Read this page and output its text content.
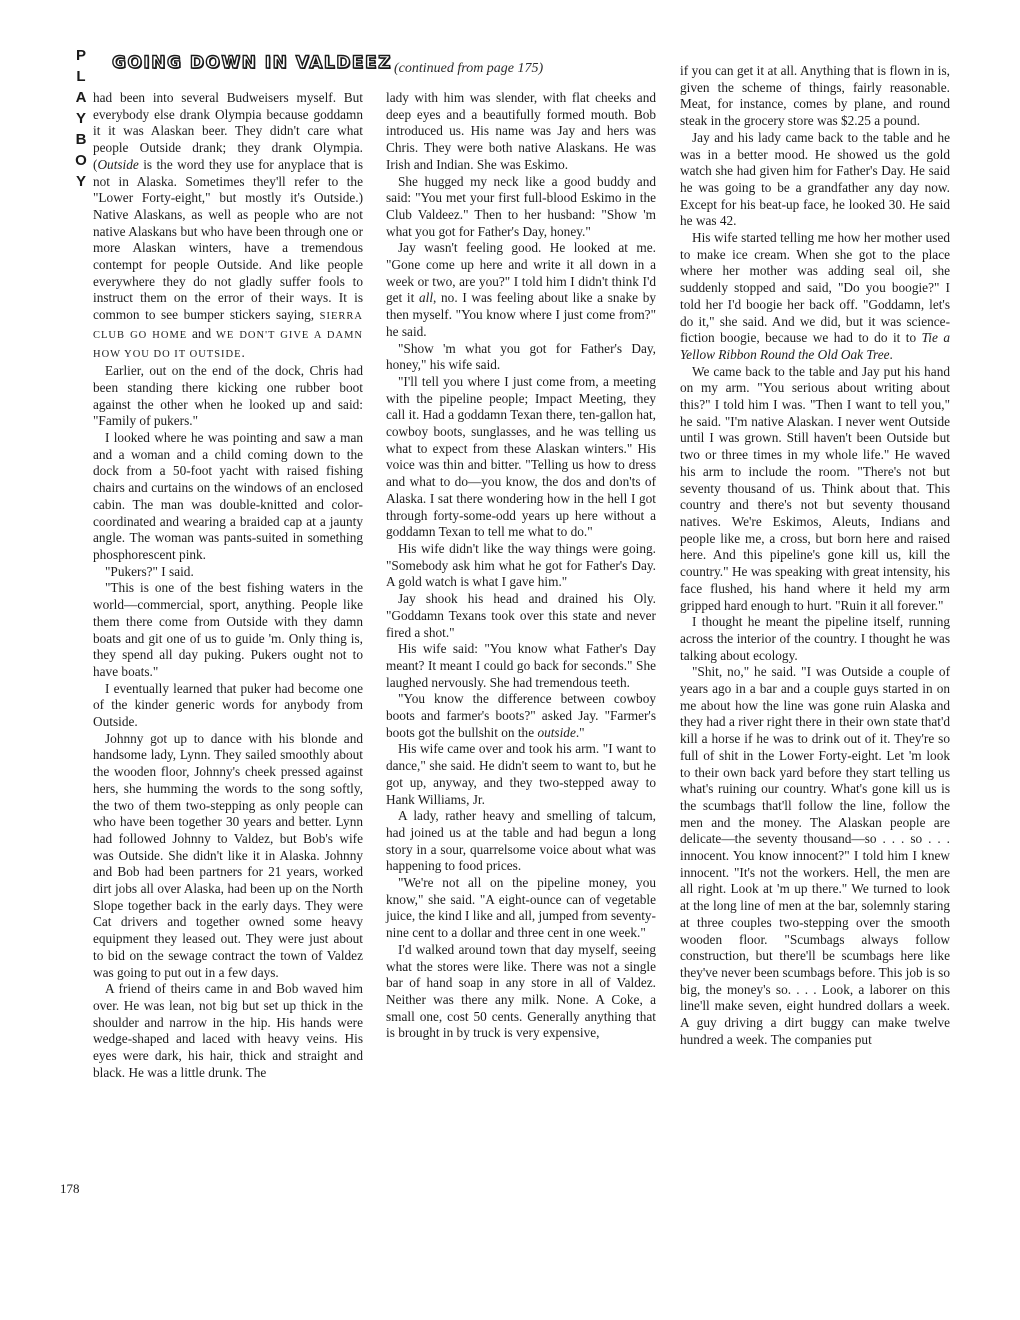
P
L
A
Y
B
O
Y
GOING DOWN IN VALDEEZ (continued from page 175)

had been into several Budweisers myself. But everybody else drank Olympia because goddamn it it was Alaskan beer. They didn't care what people Outside drank; they drank Olympia. (Outside is the word they use for anyplace that is not in Alaska. Sometimes they'll refer to the "Lower Forty-eight," but mostly it's Outside.) Native Alaskans, as well as people who are not native Alaskans but who have been through one or more Alaskan winters, have a tremendous contempt for people Outside. And like people everywhere they do not gladly suffer fools to instruct them on the error of their ways. It is common to see bumper stickers saying, SIERRA CLUB GO HOME and WE DON'T GIVE A DAMN HOW YOU DO IT OUTSIDE.

Earlier, out on the end of the dock, Chris had been standing there kicking one rubber boot against the other when he looked up and said: "Family of pukers."

I looked where he was pointing and saw a man and a woman and a child coming down to the dock from a 50-foot yacht with raised fishing chairs and curtains on the windows of an enclosed cabin. The man was double-knitted and color-coordinated and wearing a braided cap at a jaunty angle. The woman was pants-suited in something phosphorescent pink.

"Pukers?" I said.

"This is one of the best fishing waters in the world—commercial, sport, anything. People like them there come from Outside with they damn boats and git one of us to guide 'm. Only thing is, they spend all day puking. Pukers ought not to have boats."

I eventually learned that puker had become one of the kinder generic words for anybody from Outside.

Johnny got up to dance with his blonde and handsome lady, Lynn. They sailed smoothly about the wooden floor, Johnny's cheek pressed against hers, she humming the words to the song softly, the two of them two-stepping as only people can who have been together 30 years and better. Lynn had followed Johnny to Valdez, but Bob's wife was Outside. She didn't like it in Alaska. Johnny and Bob had been partners for 21 years, worked dirt jobs all over Alaska, had been up on the North Slope together back in the early days. They were Cat drivers and together owned some heavy equipment they leased out. They were just about to bid on the sewage contract the town of Valdez was going to put out in a few days.

A friend of theirs came in and Bob waved him over. He was lean, not big but set up thick in the shoulder and narrow in the hip. His hands were wedge-shaped and laced with heavy veins. His eyes were dark, his hair, thick and straight and black. He was a little drunk. The

lady with him was slender, with flat cheeks and deep eyes and a beautifully formed mouth. Bob introduced us. His name was Jay and hers was Chris. They were both native Alaskans. He was Irish and Indian. She was Eskimo.

She hugged my neck like a good buddy and said: "You met your first full-blood Eskimo in the Club Valdeez." Then to her husband: "Show 'm what you got for Father's Day, honey."

Jay wasn't feeling good. He looked at me. "Gone come up here and write it all down in a week or two, are you?" I told him I didn't think I'd get it all, no. I was feeling about like a snake by then myself. "You know where I just come from?" he said.

"Show 'm what you got for Father's Day, honey," his wife said.

"I'll tell you where I just come from, a meeting with the pipeline people; Impact Meeting, they call it. Had a goddamn Texan there, ten-gallon hat, cowboy boots, sunglasses, and he was telling us what to expect from these Alaskan winters." His voice was thin and bitter. "Telling us how to dress and what to do—you know, the dos and don'ts of Alaska. I sat there wondering how in the hell I got through forty-some-odd years up here without a goddamn Texan to tell me what to do."

His wife didn't like the way things were going. "Somebody ask him what he got for Father's Day. A gold watch is what I gave him."

Jay shook his head and drained his Oly. "Goddamn Texans took over this state and never fired a shot."

His wife said: "You know what Father's Day meant? It meant I could go back for seconds." She laughed nervously. She had tremendous teeth.

"You know the difference between cowboy boots and farmer's boots?" asked Jay. "Farmer's boots got the bullshit on the outside."

His wife came over and took his arm. "I want to dance," she said. He didn't seem to want to, but he got up, anyway, and they two-stepped away to Hank Williams, Jr.

A lady, rather heavy and smelling of talcum, had joined us at the table and had begun a long story in a sour, quarrelsome voice about what was happening to food prices.

"We're not all on the pipeline money, you know," she said. "A eight-ounce can of vegetable juice, the kind I like and all, jumped from seventy-nine cent to a dollar and three cent in one week."

I'd walked around town that day myself, seeing what the stores were like. There was not a single bar of hand soap in any store in all of Valdez. Neither was there any milk. None. A Coke, a small one, cost 50 cents. Generally anything that is brought in by truck is very expensive,

if you can get it at all. Anything that is flown in is, given the scheme of things, fairly reasonable. Meat, for instance, comes by plane, and round steak in the grocery store was $2.25 a pound.

Jay and his lady came back to the table and he was in a better mood. He showed us the gold watch she had given him for Father's Day. He said he was going to be a grandfather any day now. Except for his beat-up face, he looked 30. He said he was 42.

His wife started telling me how her mother used to make ice cream. When she got to the place where her mother was adding seal oil, she suddenly stopped and said, "Do you boogie?" I told her I'd boogie her back off. "Goddamn, let's do it," she said. And we did, but it was science-fiction boogie, because we had to do it to Tie a Yellow Ribbon Round the Old Oak Tree.

We came back to the table and Jay put his hand on my arm. "You serious about writing about this?" I told him I was. "Then I want to tell you," he said. "I'm native Alaskan. I never went Outside until I was grown. Still haven't been Outside but two or three times in my whole life." He waved his arm to include the room. "There's not but seventy thousand of us. Think about that. This country and there's not but seventy thousand natives. We're Eskimos, Aleuts, Indians and people like me, a cross, but born here and raised here. And this pipeline's gone kill us, kill the country." He was speaking with great intensity, his face flushed, his hand where it held my arm gripped hard enough to hurt. "Ruin it all forever."

I thought he meant the pipeline itself, running across the interior of the country. I thought he was talking about ecology.

"Shit, no," he said. "I was Outside a couple of years ago in a bar and a couple guys started in on me about how the line was gone ruin Alaska and they had a river right there in their own state that'd kill a horse if he was to drink out of it. They're so full of shit in the Lower Forty-eight. Let 'm look to their own back yard before they start telling us what's ruining our country. What's gone kill us is the scumbags that'll follow the line, follow the men and the money. The Alaskan people are delicate—the seventy thousand—so . . . so . . . innocent. You know innocent?" I told him I knew innocent. "It's not the workers. Hell, the men are all right. Look at 'm up there." We turned to look at the long line of men at the bar, solemnly staring at three couples two-stepping over the smooth wooden floor. "Scumbags always follow construction, but there'll be scumbags here like they've never been scumbags before. This job is so big, the money's so. . . . Look, a laborer on this line'll make seven, eight hundred dollars a week. A guy driving a dirt buggy can make twelve hundred a week. The companies put

178
